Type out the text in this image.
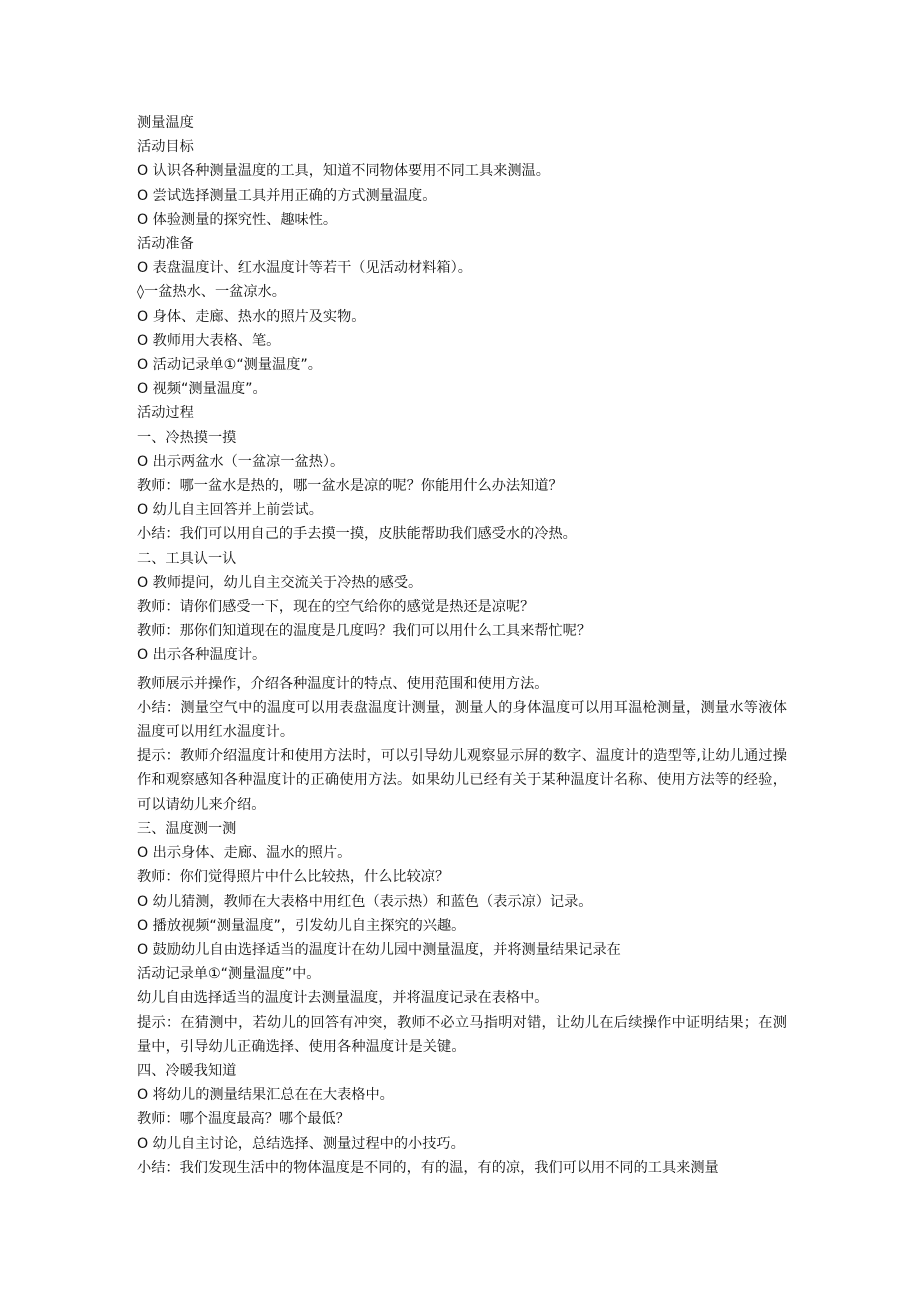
测量温度

活动目标

O 认识各种测量温度的工具，知道不同物体要用不同工具来测温。

O 尝试选择测量工具并用正确的方式测量温度。

O 体验测量的探究性、趣味性。

活动准备

O 表盘温度计、红水温度计等若干（见活动材料箱）。

◊一盆热水、一盆凉水。

O 身体、走廊、热水的照片及实物。

O 教师用大表格、笔。

O 活动记录单①“测量温度”。

O 视频“测量温度”。

活动过程

一、冷热摸一摸

O 出示两盆水（一盆凉一盆热）。

教师：哪一盆水是热的，哪一盆水是凉的呢？你能用什么办法知道？

O 幼儿自主回答并上前尝试。

小结：我们可以用自己的手去摸一摸，皮肤能帮助我们感受水的冷热。

二、工具认一认

O 教师提问，幼儿自主交流关于冷热的感受。

教师：请你们感受一下，现在的空气给你的感觉是热还是凉呢？

教师：那你们知道现在的温度是几度吗？我们可以用什么工具来帮忙呢？

O 出示各种温度计。

教师展示并操作，介绍各种温度计的特点、使用范围和使用方法。

小结：测量空气中的温度可以用表盘温度计测量，测量人的身体温度可以用耳温枪测量，测量水等液体温度可以用红水温度计。

提示：教师介绍温度计和使用方法时，可以引导幼儿观察显示屏的数字、温度计的造型等,让幼儿通过操作和观察感知各种温度计的正确使用方法。如果幼儿已经有关于某种温度计名称、使用方法等的经验，可以请幼儿来介绍。

三、温度测一测

O 出示身体、走廊、温水的照片。

教师：你们觉得照片中什么比较热，什么比较凉？

O 幼儿猜测，教师在大表格中用红色（表示热）和蓝色（表示凉）记录。

O 播放视频“测量温度”，引发幼儿自主探究的兴趣。

O 鼓励幼儿自由选择适当的温度计在幼儿园中测量温度，并将测量结果记录在

活动记录单①“测量温度”中。

幼儿自由选择适当的温度计去测量温度，并将温度记录在表格中。

提示：在猜测中，若幼儿的回答有冲突，教师不必立马指明对错，让幼儿在后续操作中证明结果；在测量中，引导幼儿正确选择、使用各种温度计是关键。

四、冷暖我知道

O 将幼儿的测量结果汇总在在大表格中。

教师：哪个温度最高？哪个最低？

O 幼儿自主讨论，总结选择、测量过程中的小技巧。

小结：我们发现生活中的物体温度是不同的，有的温，有的凉，我们可以用不同的工具来测量
